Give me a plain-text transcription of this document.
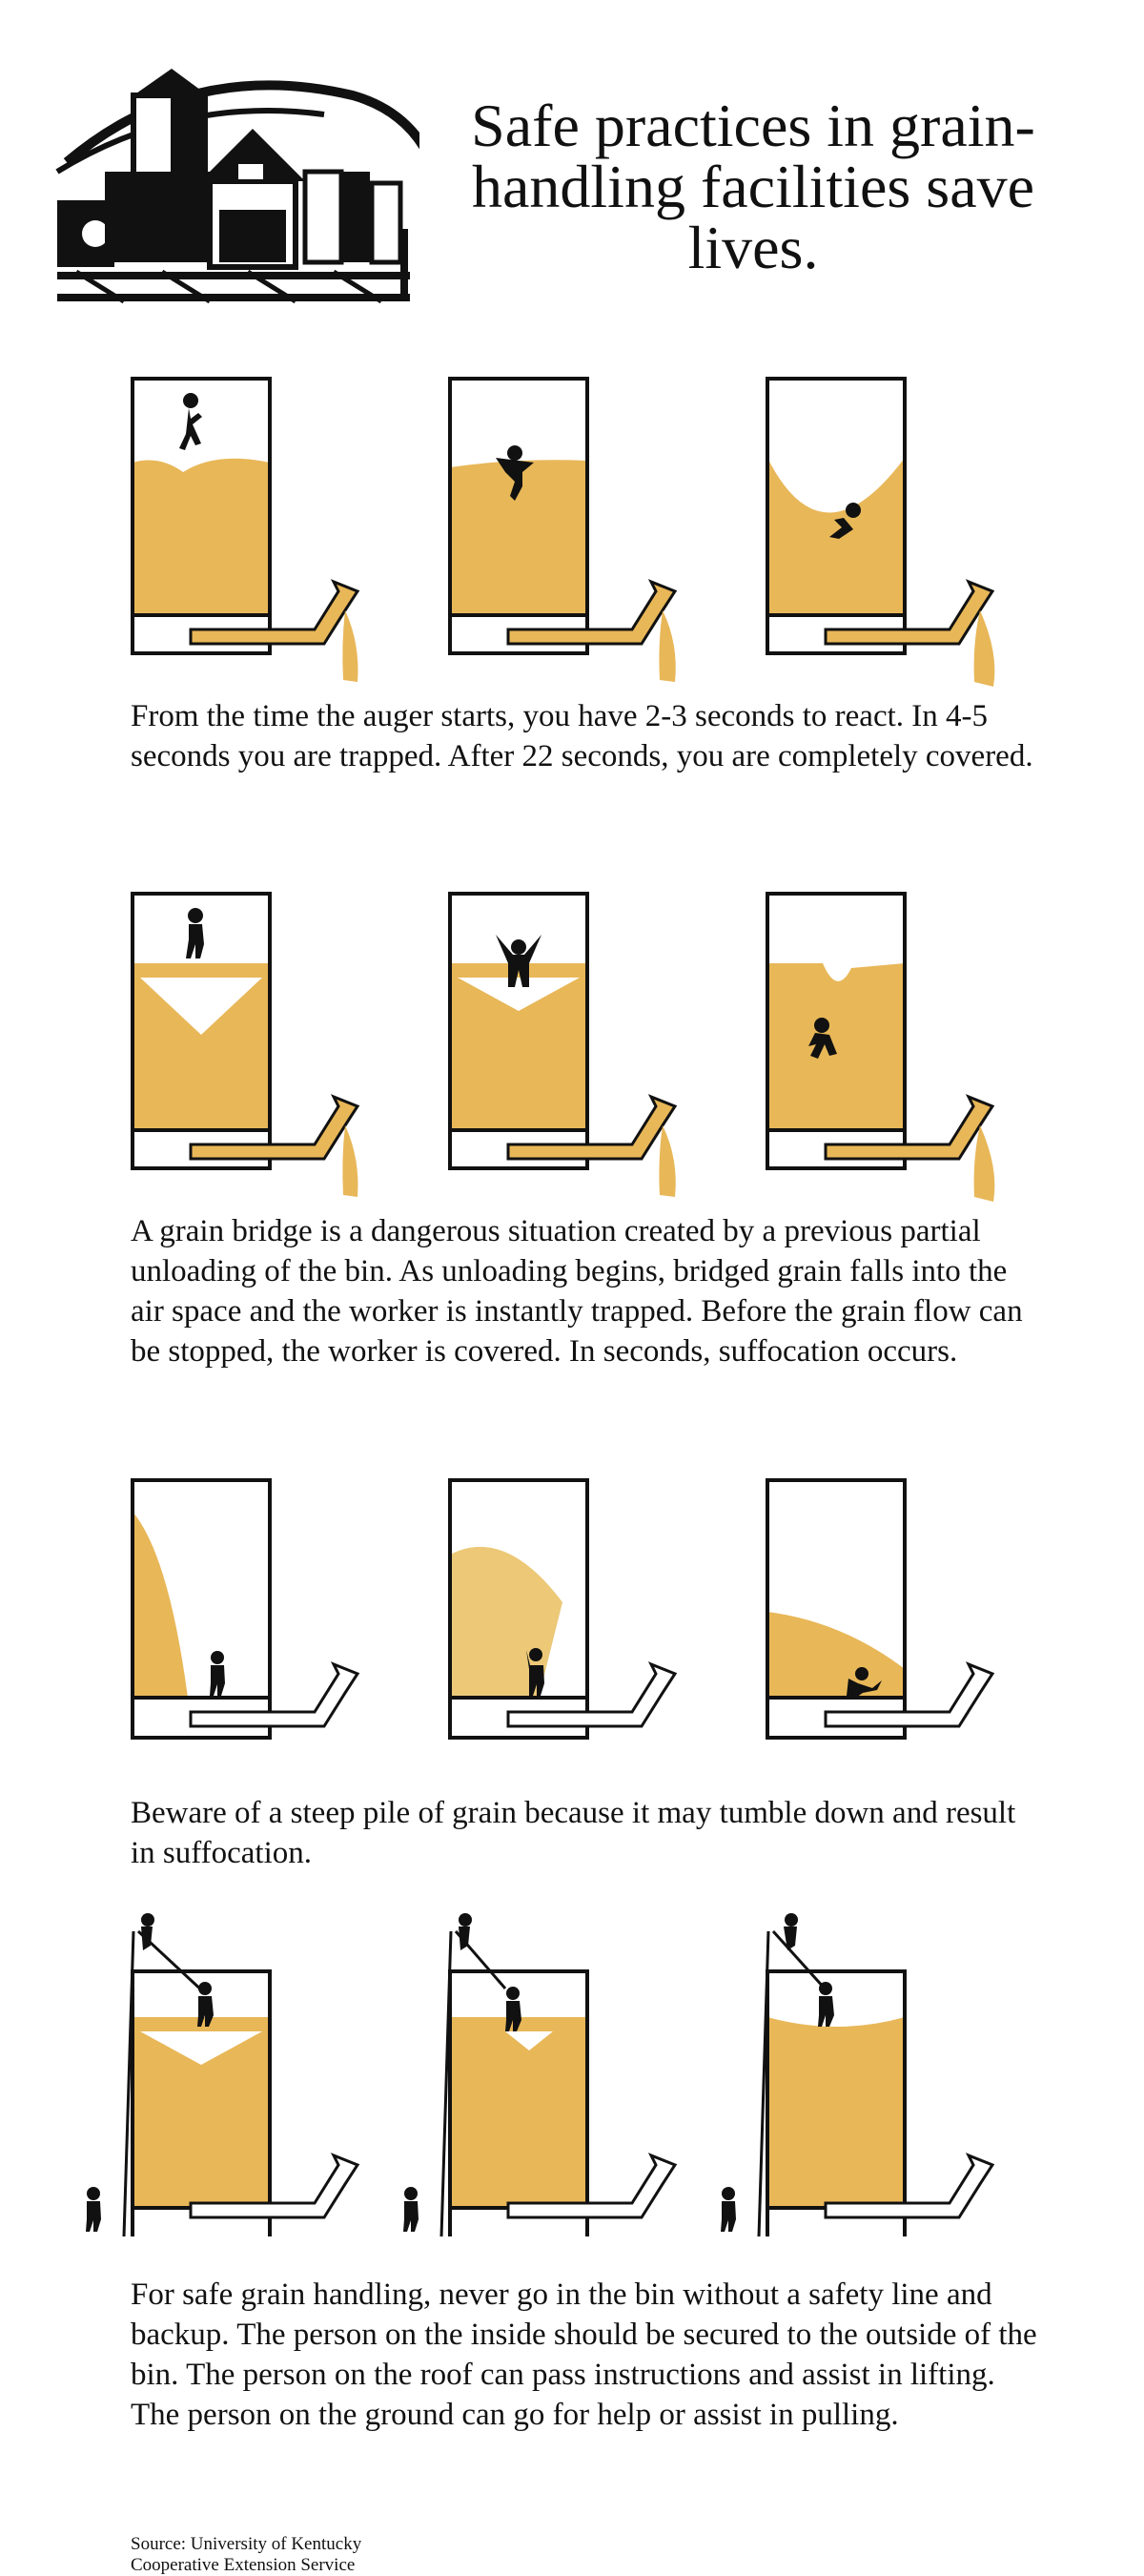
Safe practices in grain-handling facilities save lives.
From the time the auger starts, you have 2-3 seconds to react. In 4-5 seconds you are trapped. After 22 seconds, you are completely covered.
A grain bridge is a dangerous situation created by a previous partial unloading of the bin. As unloading begins, bridged grain falls into the air space and the worker is instantly trapped. Before the grain flow can be stopped, the worker is covered. In seconds, suffocation occurs.
Beware of a steep pile of grain because it may tumble down and result in suffocation.
For safe grain handling, never go in the bin without a safety line and backup. The person on the inside should be secured to the outside of the bin. The person on the roof can pass instructions and assist in lifting. The person on the ground can go for help or assist in pulling.
Source: University of Kentucky
Cooperative Extension Service
